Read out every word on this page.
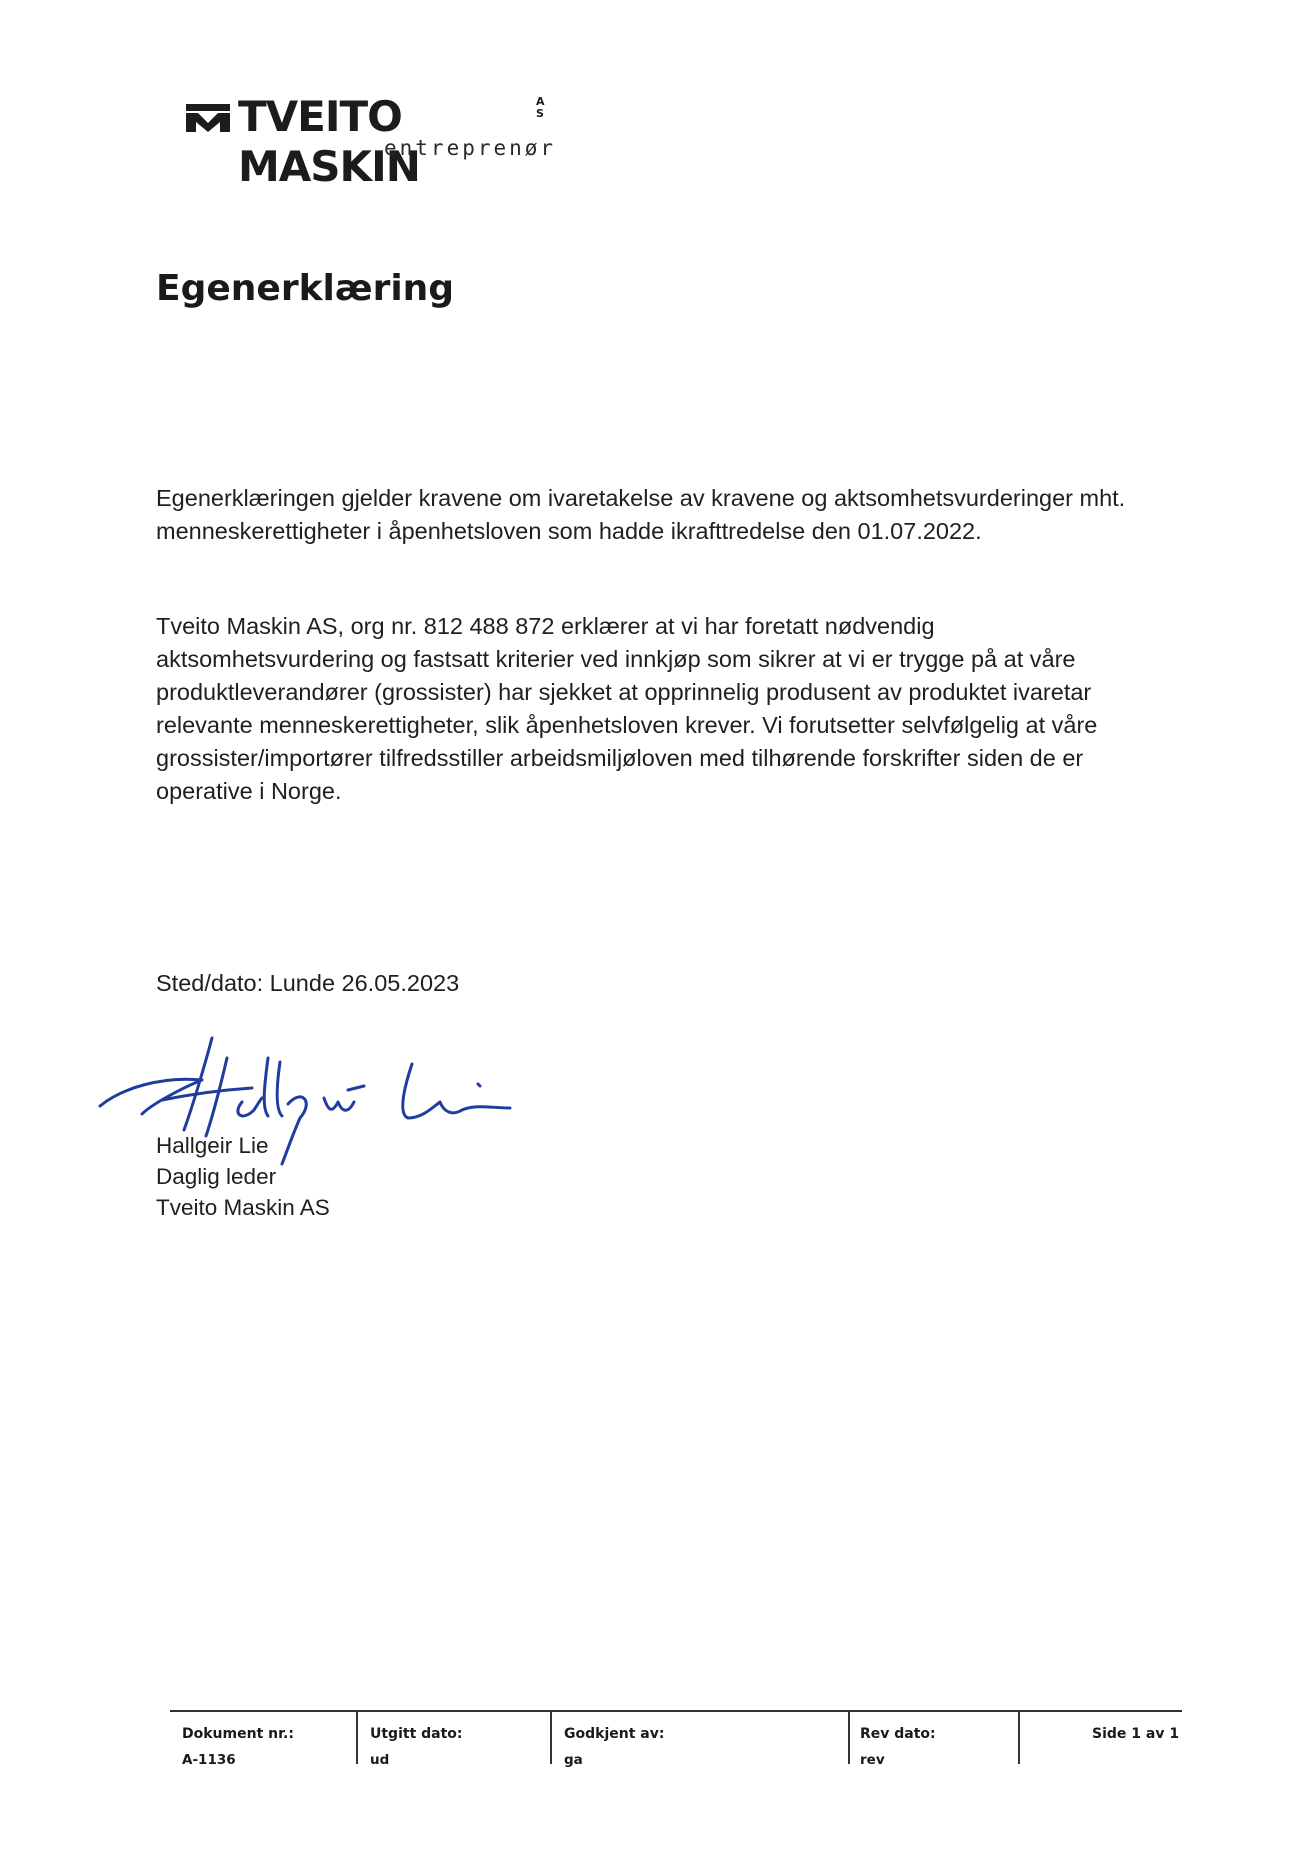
TVEITO MASKIN
A
S
entreprenør
Egenerklæring

Egenerklæringen gjelder kravene om ivaretakelse av kravene og aktsomhetsvurderinger mht. menneskerettigheter i åpenhetsloven som hadde ikrafttredelse den 01.07.2022.

Tveito Maskin AS, org nr. 812 488 872 erklærer at vi har foretatt nødvendig aktsomhetsvurdering og fastsatt kriterier ved innkjøp som sikrer at vi er trygge på at våre produktleverandører (grossister) har sjekket at opprinnelig produsent av produktet ivaretar relevante menneskerettigheter, slik åpenhetsloven krever. Vi forutsetter selvfølgelig at våre grossister/importører tilfredsstiller arbeidsmiljøloven med tilhørende forskrifter siden de er operative i Norge.

Sted/dato: Lunde 26.05.2023

Hallgeir Lie
Daglig leder
Tveito Maskin AS
Dokument nr.:
A-1136
Utgitt dato:
ud
Godkjent av:
ga
Rev dato:
rev
Side 1 av 1
